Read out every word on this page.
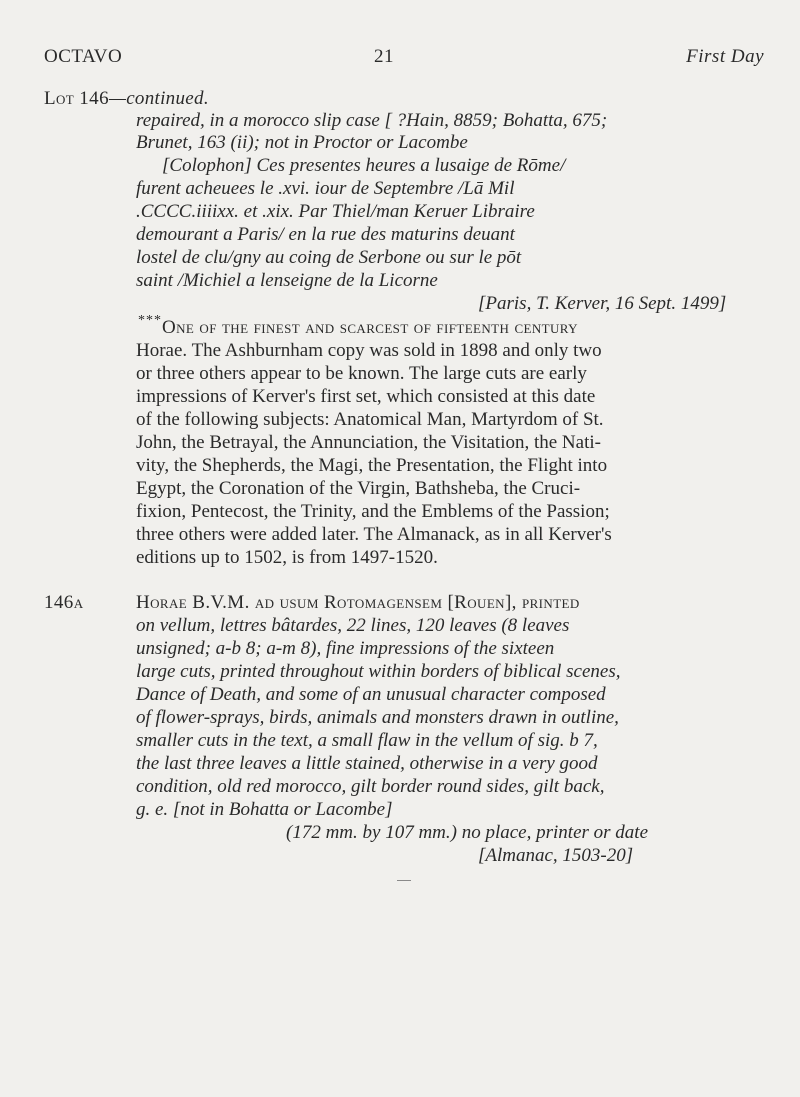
OCTAVO	21	First Day
Lot 146—continued.
repaired, in a morocco slip case [ ?Hain, 8859; Bohatta, 675;
Brunet, 163 (ii); not in Proctor or Lacombe
[Colophon] Ces presentes heures a lusaige de Rōme/
furent acheuees le .xvi. iour de Septembre /Lā Mil
.CCCC.iiiixx. et .xix. Par Thiel/man Keruer Libraire
demourant a Paris/ en la rue des maturins deuant
lostel de clu/gny au coing de Serbone ou sur le pōt
saint /Michiel a lenseigne de la Licorne
[Paris, T. Kerver, 16 Sept. 1499]
*** One of the finest and scarcest of fifteenth century
Horae. The Ashburnham copy was sold in 1898 and only two
or three others appear to be known. The large cuts are early
impressions of Kerver's first set, which consisted at this date
of the following subjects: Anatomical Man, Martyrdom of St.
John, the Betrayal, the Annunciation, the Visitation, the Nati-
vity, the Shepherds, the Magi, the Presentation, the Flight into
Egypt, the Coronation of the Virgin, Bathsheba, the Cruci-
fixion, Pentecost, the Trinity, and the Emblems of the Passion;
three others were added later. The Almanack, as in all Kerver's
editions up to 1502, is from 1497-1520.
146a	Horae B.V.M. ad usum Rotomagensem [Rouen], printed
on vellum, lettres bâtardes, 22 lines, 120 leaves (8 leaves
unsigned; a-b 8; a-m 8), fine impressions of the sixteen
large cuts, printed throughout within borders of biblical scenes,
Dance of Death, and some of an unusual character composed
of flower-sprays, birds, animals and monsters drawn in outline,
smaller cuts in the text, a small flaw in the vellum of sig. b 7,
the last three leaves a little stained, otherwise in a very good
condition, old red morocco, gilt border round sides, gilt back,
g. e. [not in Bohatta or Lacombe]
(172 mm. by 107 mm.) no place, printer or date
[Almanac, 1503-20]
